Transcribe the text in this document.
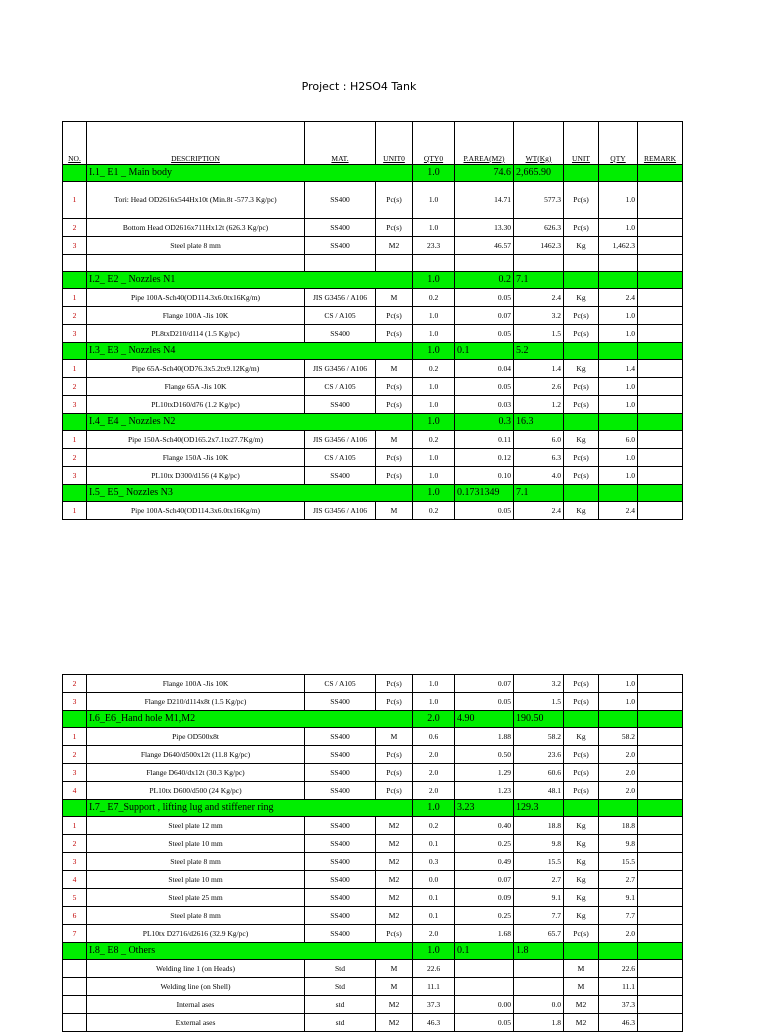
Project : H2SO4 Tank
NO.	DESCRIPTION	MAT.	UNIT0	QTY0	P.AREA(M2)	WT(Kg)	UNIT	QTY	REMARK
	I.1_ E1 _ Main body			1.0	74.6	2,665.90			
1	Tori: Head OD2616x544Hx10t (Min.8t -577.3 Kg/pc)	SS400	Pc(s)	1.0	14.71	577.3	Pc(s)	1.0	
2	Bottom Head OD2616x711Hx12t (626.3 Kg/pc)	SS400	Pc(s)	1.0	13.30	626.3	Pc(s)	1.0	
3	Steel plate 8 mm	SS400	M2	23.3	46.57	1462.3	Kg	1,462.3	

	I.2_ E2 _ Nozzles N1			1.0	0.2	7.1			
1	Pipe 100A-Sch40(OD114.3x6.0tx16Kg/m)	JIS G3456 / A106	M	0.2	0.05	2.4	Kg	2.4	
2	Flange 100A -Jis 10K	CS / A105	Pc(s)	1.0	0.07	3.2	Pc(s)	1.0	
3	PL8txD210/d114 (1.5 Kg/pc)	SS400	Pc(s)	1.0	0.05	1.5	Pc(s)	1.0	
	I.3_ E3 _ Nozzles N4			1.0	0.1	5.2			
1	Pipe 65A-Sch40(OD76.3x5.2tx9.12Kg/m)	JIS G3456 / A106	M	0.2	0.04	1.4	Kg	1.4	
2	Flange 65A -Jis 10K	CS / A105	Pc(s)	1.0	0.05	2.6	Pc(s)	1.0	
3	PL10txD160/d76 (1.2 Kg/pc)	SS400	Pc(s)	1.0	0.03	1.2	Pc(s)	1.0	
	I.4_ E4 _ Nozzles N2			1.0	0.3	16.3			
1	Pipe 150A-Sch40(OD165.2x7.1tx27.7Kg/m)	JIS G3456 / A106	M	0.2	0.11	6.0	Kg	6.0	
2	Flange 150A -Jis 10K	CS / A105	Pc(s)	1.0	0.12	6.3	Pc(s)	1.0	
3	PL10tx D300/d156 (4 Kg/pc)	SS400	Pc(s)	1.0	0.10	4.0	Pc(s)	1.0	
	I.5_ E5_ Nozzles N3			1.0	0.1731349	7.1			
1	Pipe 100A-Sch40(OD114.3x6.0tx16Kg/m)	JIS G3456 / A106	M	0.2	0.05	2.4	Kg	2.4	
2	Flange 100A -Jis 10K	CS / A105	Pc(s)	1.0	0.07	3.2	Pc(s)	1.0	
3	Flange D210/d114x8t (1.5 Kg/pc)	SS400	Pc(s)	1.0	0.05	1.5	Pc(s)	1.0	
	I.6_E6_Hand hole M1,M2			2.0	4.90	190.50			
1	Pipe OD500x8t	SS400	M	0.6	1.88	58.2	Kg	58.2	
2	Flange D640/d500x12t (11.8 Kg/pc)	SS400	Pc(s)	2.0	0.50	23.6	Pc(s)	2.0	
3	Flange D640/dx12t (30.3 Kg/pc)	SS400	Pc(s)	2.0	1.29	60.6	Pc(s)	2.0	
4	PL10tx D600/d500 (24 Kg/pc)	SS400	Pc(s)	2.0	1.23	48.1	Pc(s)	2.0	
	I.7_ E7_Support , lifting lug and stiffener ring			1.0	3.23	129.3			
1	Steel plate 12 mm	SS400	M2	0.2	0.40	18.8	Kg	18.8	
2	Steel plate 10 mm	SS400	M2	0.1	0.25	9.8	Kg	9.8	
3	Steel plate 8 mm	SS400	M2	0.3	0.49	15.5	Kg	15.5	
4	Steel plate 10 mm	SS400	M2	0.0	0.07	2.7	Kg	2.7	
5	Steel plate 25 mm	SS400	M2	0.1	0.09	9.1	Kg	9.1	
6	Steel plate 8 mm	SS400	M2	0.1	0.25	7.7	Kg	7.7	
7	PL10tx D2716/d2616 (32.9 Kg/pc)	SS400	Pc(s)	2.0	1.68	65.7	Pc(s)	2.0	
	I.8_ E8 _ Others			1.0	0.1	1.8			
	Welding line 1 (on Heads)	Std	M	22.6			M	22.6	
	Welding line (on Shell)	Std	M	11.1			M	11.1	
	Internal ases	std	M2	37.3	0.00	0.0	M2	37.3	
	External ases	std	M2	46.3	0.05	1.8	M2	46.3	
